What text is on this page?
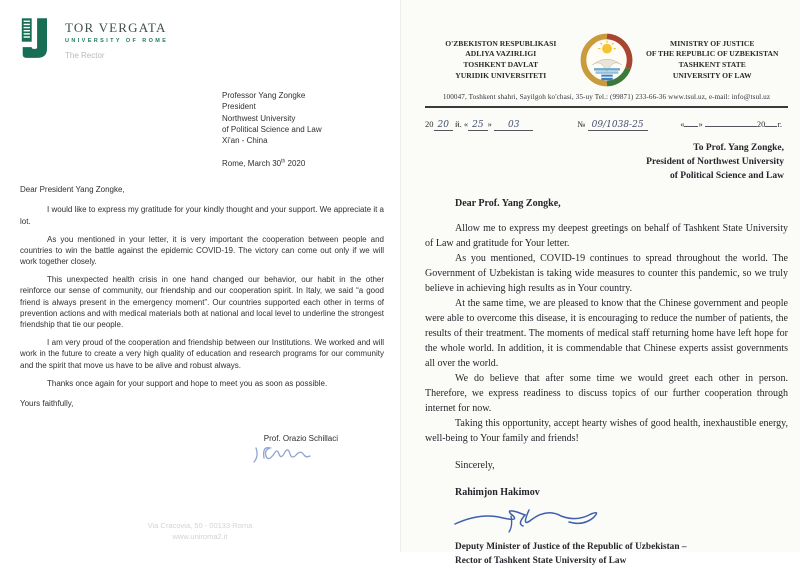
TOR VERGATA
UNIVERSITY OF ROME
The Rector
Professor Yang Zongke
President
Northwest University
of Political Science and Law
Xi'an - China
Rome, March 30th 2020

Dear President Yang Zongke,

I would like to express my gratitude for your kindly thought and your support. We appreciate it a lot.

As you mentioned in your letter, it is very important the cooperation between people and countries to win the battle against the epidemic COVID-19. The victory can come out only if we will work together closely.

This unexpected health crisis in one hand changed our behavior, our habit in the other reinforce our sense of community, our friendship and our cooperation spirit. In Italy, we said “a good friend is always present in the emergency moment”. Our countries supported each other in terms of prevention actions and with medical materials both at national and local level to underline the strongest friendship that tie our people.

I am very proud of the cooperation and friendship between our Institutions. We worked and will work in the future to create a very high quality of education and research programs for our community and the spirit that move us have to be alive and robust always.

Thanks once again for your support and hope to meet you as soon as possible.

Yours faithfully,

Prof. Orazio Schillaci
Via Cracovia, 50 - 00133 Roma
www.uniroma2.it
O'ZBEKISTON RESPUBLIKASI
ADLIYA VAZIRLIGI
TOSHKENT DAVLAT
YURIDIK UNIVERSITETI
MINISTRY OF JUSTICE
OF THE REPUBLIC OF UZBEKISTAN
TASHKENT STATE
UNIVERSITY OF LAW
100047, Toshkent shahri, Sayilgoh ko'chasi, 35-uy Tel.: (99871) 233-66-36 www.tsul.uz, e-mail: info@tsul.uz
20 20 й. « 25 » 03	№ 09/1038-25	« »	20 г.
To Prof. Yang Zongke,
President of Northwest University
of Political Science and Law

Dear Prof. Yang Zongke,

Allow me to express my deepest greetings on behalf of Tashkent State University of Law and gratitude for Your letter.

As you mentioned, COVID-19 continues to spread throughout the world. The Government of Uzbekistan is taking wide measures to counter this pandemic, so we truly believe in achieving high results as in Your country.

At the same time, we are pleased to know that the Chinese government and people were able to overcome this disease, it is encouraging to reduce the number of patients, the results of their treatment. The moments of medical staff returning home have left hope for the whole world. In addition, it is commendable that Chinese experts assist governments all over the world.

We do believe that after some time we would greet each other in person. Therefore, we express readiness to discuss topics of our further cooperation through internet for now.

Taking this opportunity, accept hearty wishes of good health, inexhaustible energy, well-being to Your family and friends!

Sincerely,

Rahimjon Hakimov

Deputy Minister of Justice of the Republic of Uzbekistan –
Rector of Tashkent State University of Law
